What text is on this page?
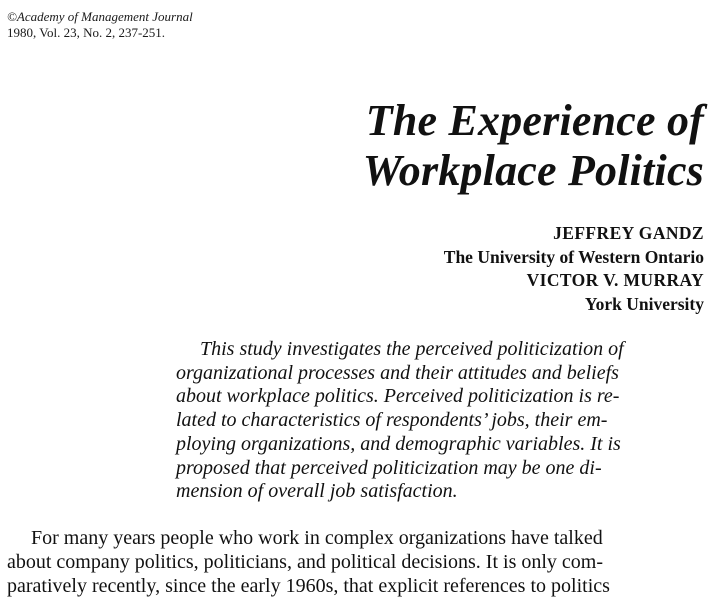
©Academy of Management Journal
1980, Vol. 23, No. 2, 237-251.
The Experience of
Workplace Politics
JEFFREY GANDZ
The University of Western Ontario
VICTOR V. MURRAY
York University
This study investigates the perceived politicization of
organizational processes and their attitudes and beliefs
about workplace politics. Perceived politicization is re-
lated to characteristics of respondents’ jobs, their em-
ploying organizations, and demographic variables. It is
proposed that perceived politicization may be one di-
mension of overall job satisfaction.
For many years people who work in complex organizations have talked
about company politics, politicians, and political decisions. It is only com-
paratively recently, since the early 1960s, that explicit references to politics
